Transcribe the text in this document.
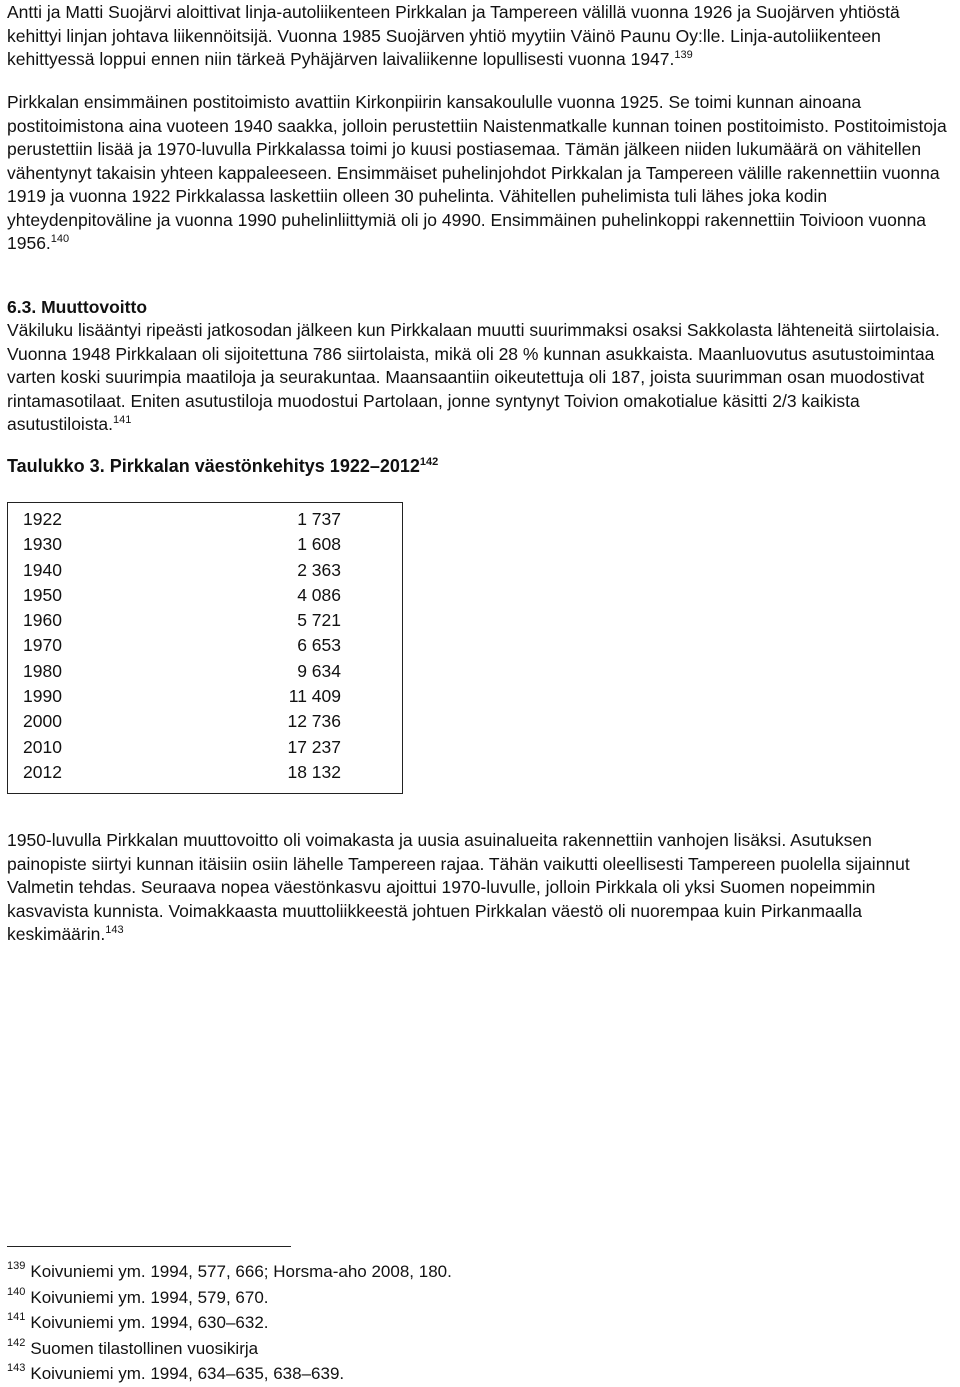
Antti ja Matti Suojärvi aloittivat linja-autoliikenteen Pirkkalan ja Tampereen välillä vuonna 1926 ja Suojärven yhtiöstä kehittyi linjan johtava liikennöitsijä. Vuonna 1985 Suojärven yhtiö myytiin Väinö Paunu Oy:lle. Linja-autoliikenteen kehittyessä loppui ennen niin tärkeä Pyhäjärven laivaliikenne lopullisesti vuonna 1947.$^{139}$

Pirkkalan ensimmäinen postitoimisto avattiin Kirkonpiirin kansakoululle vuonna 1925. Se toimi kunnan ainoana postitoimistona aina vuoteen 1940 saakka, jolloin perustettiin Naistenmatkalle kunnan toinen postitoimisto. Postitoimistoja perustettiin lisää ja 1970-luvulla Pirkkalassa toimi jo kuusi postiasemaa. Tämän jälkeen niiden lukumäärä on vähitellen vähentynyt takaisin yhteen kappaleeseen. Ensimmäiset puhelinjohdot Pirkkalan ja Tampereen välille rakennettiin vuonna 1919 ja vuonna 1922 Pirkkalassa laskettiin olleen 30 puhelinta. Vähitellen puhelimista tuli lähes joka kodin yhteydenpitoväline ja vuonna 1990 puhelinliittymiä oli jo 4990. Ensimmäinen puhelinkoppi rakennettiin Toivioon vuonna 1956.$^{140}$

6.3. Muuttovoitto

Väkiluku lisääntyi ripeästi jatkosodan jälkeen kun Pirkkalaan muutti suurimmaksi osaksi Sakkolasta lähteneitä siirtolaisia. Vuonna 1948 Pirkkalaan oli sijoitettuna 786 siirtolaista, mikä oli 28 % kunnan asukkaista. Maanluovutus asutustoimintaa varten koski suurimpia maatiloja ja seurakuntaa. Maansaantiin oikeutettuja oli 187, joista suurimman osan muodostivat rintamasotilaat. Eniten asutustiloja muodostui Partolaan, jonne syntynyt Toivion omakotialue käsitti 2/3 kaikista asutustiloista.$^{141}$

Taulukko 3. Pirkkalan väestönkehitys 1922–2012$^{142}$
1922	1 737
1930	1 608
1940	2 363
1950	4 086
1960	5 721
1970	6 653
1980	9 634
1990	11 409
2000	12 736
2010	17 237
2012	18 132

1950-luvulla Pirkkalan muuttovoitto oli voimakasta ja uusia asuinalueita rakennettiin vanhojen lisäksi. Asutuksen painopiste siirtyi kunnan itäisiin osiin lähelle Tampereen rajaa. Tähän vaikutti oleellisesti Tampereen puolella sijainnut Valmetin tehdas. Seuraava nopea väestönkasvu ajoittui 1970-luvulle, jolloin Pirkkala oli yksi Suomen nopeimmin kasvavista kunnista. Voimakkaasta muuttoliikkeestä johtuen Pirkkalan väestö oli nuorempaa kuin Pirkanmaalla keskimäärin.$^{143}$

$^{139}$ Koivuniemi ym. 1994, 577, 666; Horsma-aho 2008, 180.
$^{140}$ Koivuniemi ym. 1994, 579, 670.
$^{141}$ Koivuniemi ym. 1994, 630–632.
$^{142}$ Suomen tilastollinen vuosikirja
$^{143}$ Koivuniemi ym. 1994, 634–635, 638–639.
